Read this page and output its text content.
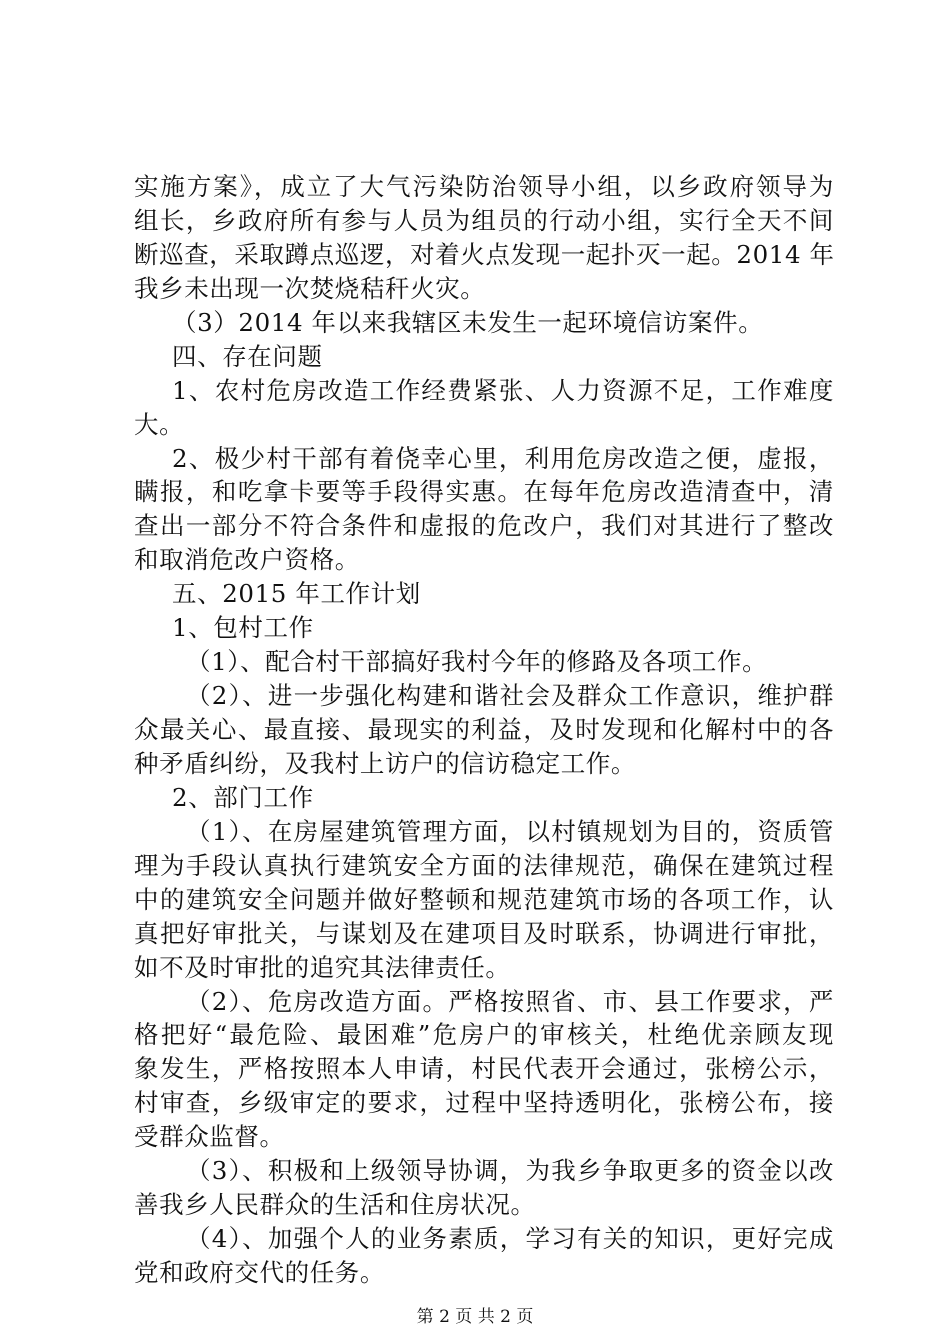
实施方案》，成立了大气污染防治领导小组，以乡政府领导为
组长，乡政府所有参与人员为组员的行动小组，实行全天不间
断巡查，采取蹲点巡逻，对着火点发现一起扑灭一起。2014 年
我乡未出现一次焚烧秸秆火灾。
（3）2014 年以来我辖区未发生一起环境信访案件。
四、存在问题
1、农村危房改造工作经费紧张、人力资源不足，工作难度
大。
2、极少村干部有着侥幸心里，利用危房改造之便，虚报，
瞒报，和吃拿卡要等手段得实惠。在每年危房改造清查中，清
查出一部分不符合条件和虚报的危改户，我们对其进行了整改
和取消危改户资格。
五、2015 年工作计划
1、包村工作
（1）、配合村干部搞好我村今年的修路及各项工作。
（2）、进一步强化构建和谐社会及群众工作意识，维护群
众最关心、最直接、最现实的利益，及时发现和化解村中的各
种矛盾纠纷，及我村上访户的信访稳定工作。
2、部门工作
（1）、在房屋建筑管理方面，以村镇规划为目的，资质管
理为手段认真执行建筑安全方面的法律规范，确保在建筑过程
中的建筑安全问题并做好整顿和规范建筑市场的各项工作，认
真把好审批关，与谋划及在建项目及时联系，协调进行审批，
如不及时审批的追究其法律责任。
（2）、危房改造方面。严格按照省、市、县工作要求，严
格把好“最危险、最困难”危房户的审核关，杜绝优亲顾友现
象发生，严格按照本人申请，村民代表开会通过，张榜公示，
村审查，乡级审定的要求，过程中坚持透明化，张榜公布，接
受群众监督。
（3）、积极和上级领导协调，为我乡争取更多的资金以改
善我乡人民群众的生活和住房状况。
（4）、加强个人的业务素质，学习有关的知识，更好完成
党和政府交代的任务。
第 2 页 共 2 页
